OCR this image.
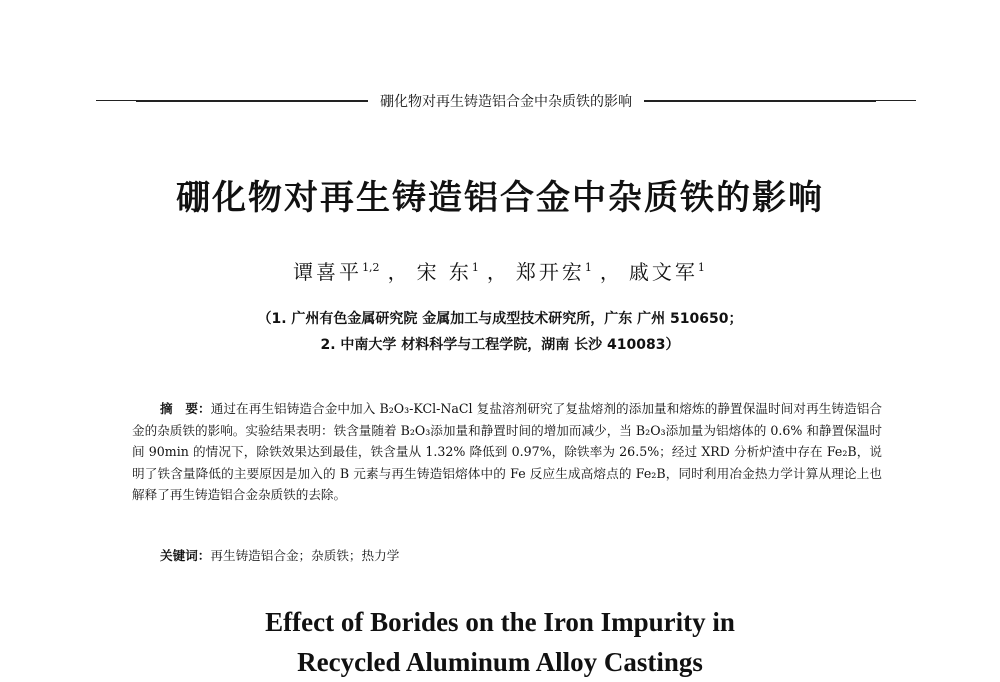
硼化物对再生铸造铝合金中杂质铁的影响
硼化物对再生铸造铝合金中杂质铁的影响
谭喜平$^{1,2}$ ， 宋 东$^1$ ， 郑开宏$^1$ ， 戚文军$^1$
（1. 广州有色金属研究院 金属加工与成型技术研究所，广东 广州 510650；
2. 中南大学 材料科学与工程学院，湖南 长沙 410083）

摘　要：通过在再生铝铸造合金中加入 B₂O₃-KCl-NaCl 复盐溶剂研究了复盐熔剂的添加量和熔炼的静置保温时间对再生铸造铝合金的杂质铁的影响。实验结果表明：铁含量随着 B₂O₃添加量和静置时间的增加而减少，当 B₂O₃添加量为铝熔体的 0.6% 和静置保温时间 90min 的情况下，除铁效果达到最佳，铁含量从 1.32% 降低到 0.97%，除铁率为 26.5%；经过 XRD 分析炉渣中存在 Fe₂B，说明了铁含量降低的主要原因是加入的 B 元素与再生铸造铝熔体中的 Fe 反应生成高熔点的 Fe₂B，同时利用冶金热力学计算从理论上也解释了再生铸造铝合金杂质铁的去除。

关键词：再生铸造铝合金；杂质铁；热力学
Effect of Borides on the Iron Impurity in
Recycled Aluminum Alloy Castings
